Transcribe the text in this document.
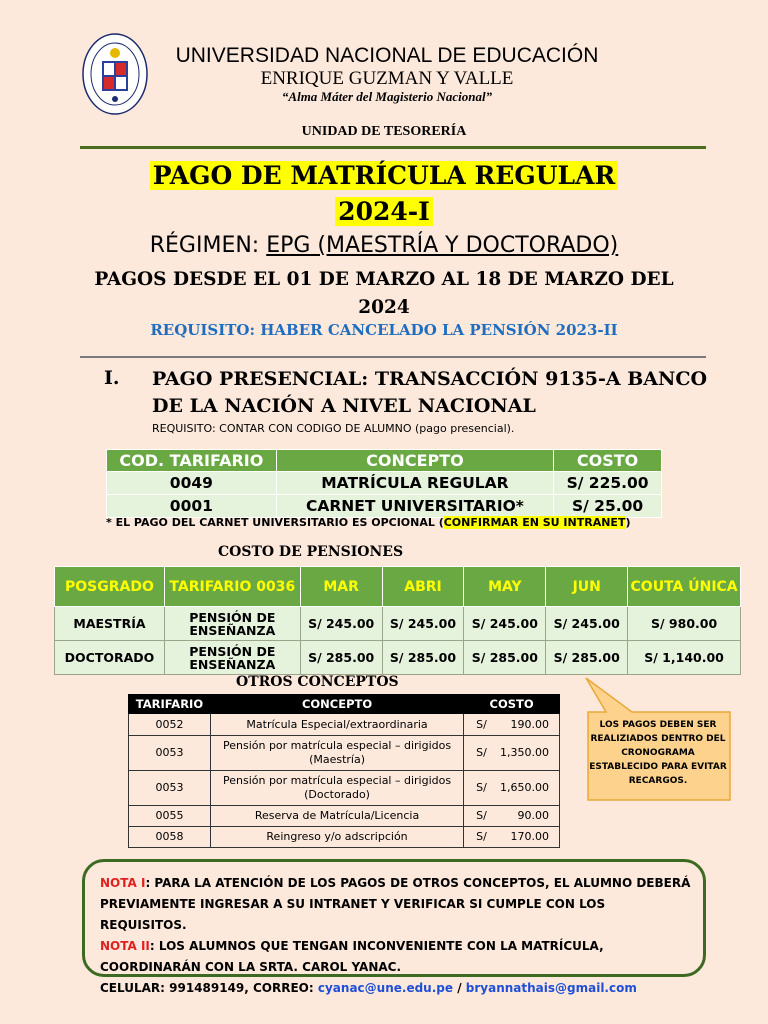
UNIVERSIDAD NACIONAL DE EDUCACIÓN
ENRIQUE GUZMAN Y VALLE
“Alma Máter del Magisterio Nacional”
UNIDAD DE TESORERÍA
PAGO DE MATRÍCULA REGULAR
2024-I
RÉGIMEN: EPG (MAESTRÍA Y DOCTORADO)
PAGOS DESDE EL 01 DE MARZO AL 18 DE MARZO DEL 2024
REQUISITO: HABER CANCELADO LA PENSIÓN 2023-II
I. PAGO PRESENCIAL: TRANSACCIÓN 9135-A BANCO DE LA NACIÓN A NIVEL NACIONAL
REQUISITO: CONTAR CON CODIGO DE ALUMNO (pago presencial).
COD. TARIFARIO	CONCEPTO	COSTO
0049	MATRÍCULA REGULAR	S/ 225.00
0001	CARNET UNIVERSITARIO*	S/ 25.00
* EL PAGO DEL CARNET UNIVERSITARIO ES OPCIONAL (CONFIRMAR EN SU INTRANET)
COSTO DE PENSIONES
POSGRADO	TARIFARIO 0036	MAR	ABRI	MAY	JUN	COUTA ÚNICA
MAESTRÍA	PENSIÓN DE ENSEÑANZA	S/ 245.00	S/ 245.00	S/ 245.00	S/ 245.00	S/ 980.00
DOCTORADO	PENSIÓN DE ENSEÑANZA	S/ 285.00	S/ 285.00	S/ 285.00	S/ 285.00	S/ 1,140.00
OTROS CONCEPTOS
TARIFARIO	CONCEPTO	COSTO
0052	Matrícula Especial/extraordinaria	S/ 190.00
0053	Pensión por matrícula especial – dirigidos (Maestría)	S/ 1,350.00
0053	Pensión por matrícula especial – dirigidos (Doctorado)	S/ 1,650.00
0055	Reserva de Matrícula/Licencia	S/ 90.00
0058	Reingreso y/o adscripción	S/ 170.00
LOS PAGOS DEBEN SER REALIZIADOS DENTRO DEL CRONOGRAMA ESTABLECIDO PARA EVITAR RECARGOS.
NOTA I: PARA LA ATENCIÓN DE LOS PAGOS DE OTROS CONCEPTOS, EL ALUMNO DEBERÁ PREVIAMENTE INGRESAR A SU INTRANET Y VERIFICAR SI CUMPLE CON LOS REQUISITOS.
NOTA II: LOS ALUMNOS QUE TENGAN INCONVENIENTE CON LA MATRÍCULA, COORDINARÁN CON LA SRTA. CAROL YANAC.
CELULAR: 991489149, CORREO: cyanac@une.edu.pe / bryannathais@gmail.com
